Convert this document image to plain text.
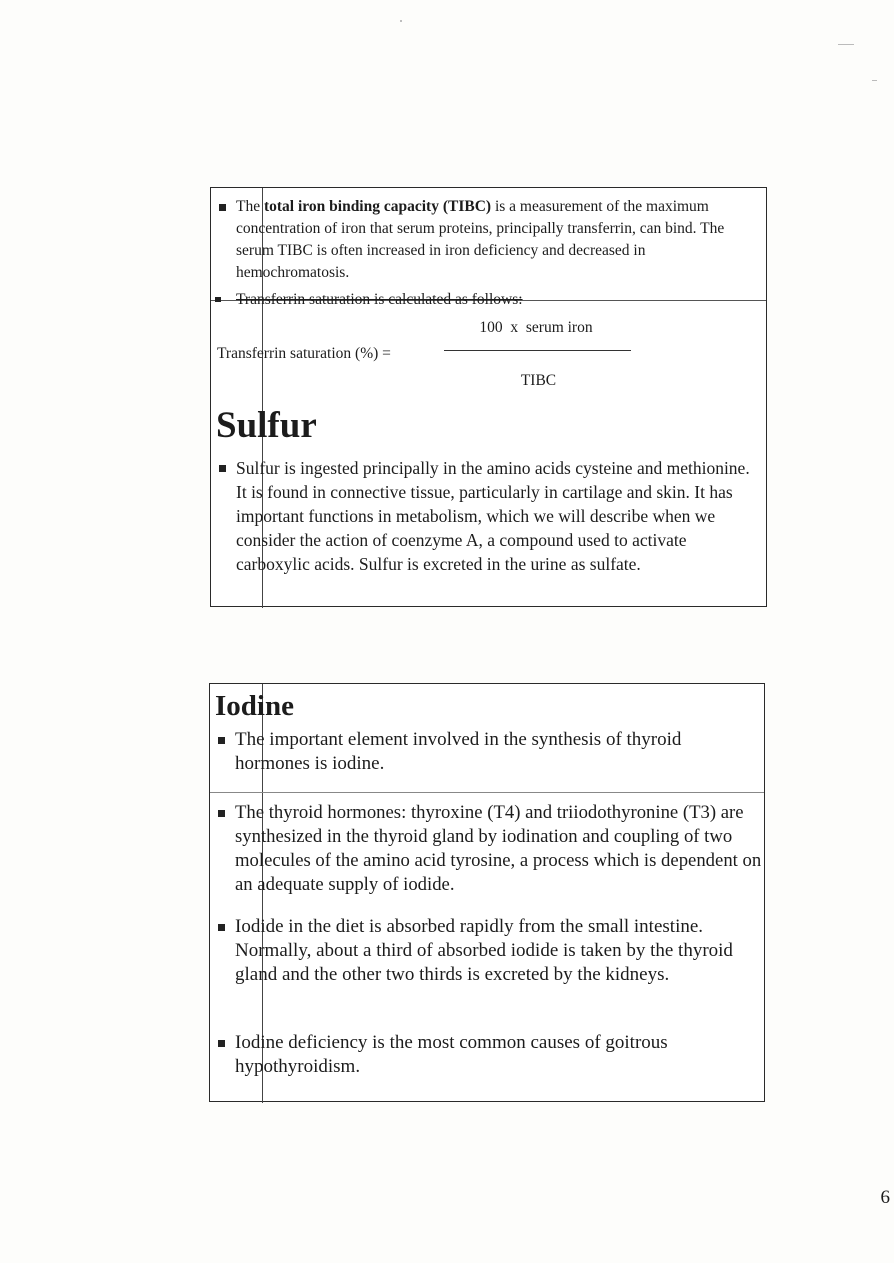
The total iron binding capacity (TIBC) is a measurement of the maximum concentration of iron that serum proteins, principally transferrin, can bind. The serum TIBC is often increased in iron deficiency and decreased in hemochromatosis.
Transferrin saturation is calculated as follows:
100  x  serum iron
Transferrin saturation (%) =
TIBC
Sulfur
Sulfur is ingested principally in the amino acids cysteine and methionine. It is found in connective tissue, particularly in cartilage and skin. It has important functions in metabolism, which we will describe when we consider the action of coenzyme A, a compound used to activate carboxylic acids. Sulfur is excreted in the urine as sulfate.
Iodine
The important element involved in the synthesis of thyroid hormones is iodine.
The thyroid hormones: thyroxine (T4) and triiodothyronine (T3) are synthesized in the thyroid gland by iodination and coupling of two molecules of the amino acid tyrosine, a process which is dependent on an adequate supply of iodide.
Iodide in the diet is absorbed rapidly from the small intestine. Normally, about a third of absorbed iodide is taken by the thyroid gland and the other two thirds is excreted by the kidneys.
Iodine deficiency is the most common causes of goitrous hypothyroidism.
6
